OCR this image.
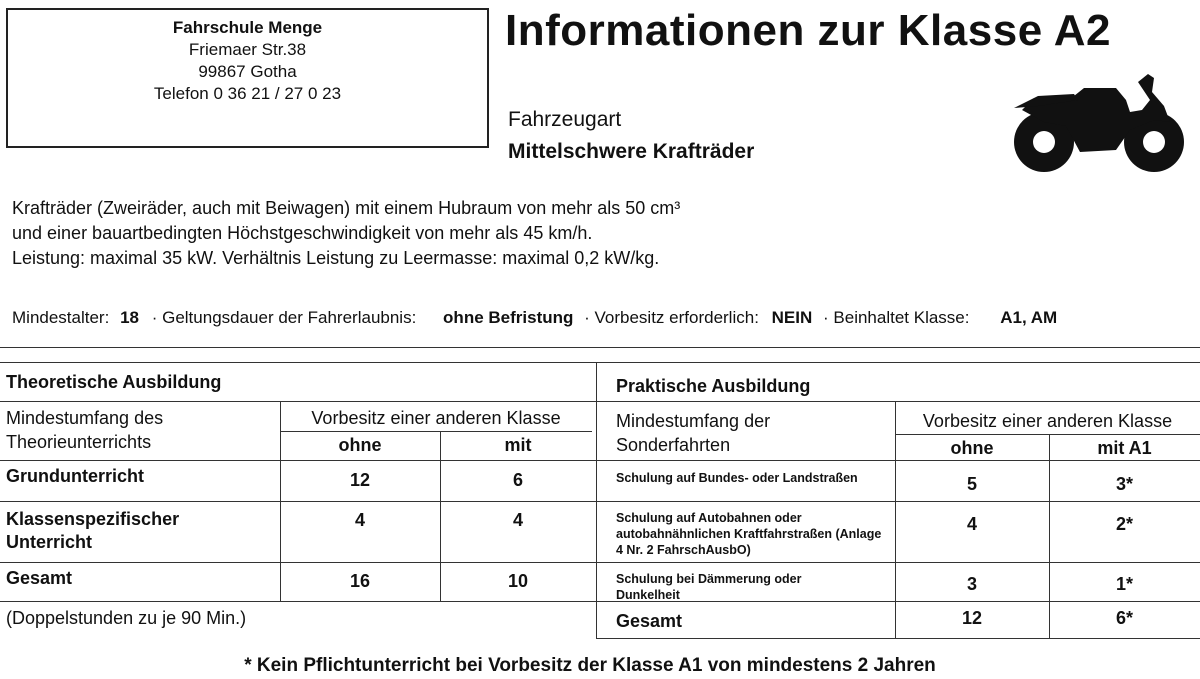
Fahrschule Menge
Friemaer Str.38
99867 Gotha
Telefon 0 36 21 / 27 0 23
Informationen zur Klasse A2
Fahrzeugart
Mittelschwere Krafträder
Krafträder (Zweiräder, auch mit Beiwagen) mit einem Hubraum von mehr als 50 cm³
und einer bauartbedingten Höchstgeschwindigkeit von mehr als 45 km/h.
Leistung: maximal 35 kW. Verhältnis Leistung zu Leermasse: maximal 0,2 kW/kg.
Mindestalter: 18 · Geltungsdauer der Fahrerlaubnis: ohne Befristung · Vorbesitz erforderlich: NEIN · Beinhaltet Klasse: A1, AM
Theoretische Ausbildung
Mindestumfang des
Theorieunterrichts
Vorbesitz einer anderen Klasse
ohne	mit
Grundunterricht	12	6
Klassenspezifischer
Unterricht
4	4
Gesamt	16	10
(Doppelstunden zu je 90 Min.)
Praktische Ausbildung
Mindestumfang der
Sonderfahrten
Vorbesitz einer anderen Klasse
ohne	mit A1
Schulung auf Bundes- oder Landstraßen	5	3*
Schulung auf Autobahnen oder autobahnähnlichen Kraftfahrstraßen (Anlage 4 Nr. 2 FahrschAusbO)
4	2*
Schulung bei Dämmerung oder Dunkelheit
3	1*
Gesamt	12	6*
* Kein Pflichtunterricht bei Vorbesitz der Klasse A1 von mindestens 2 Jahren
